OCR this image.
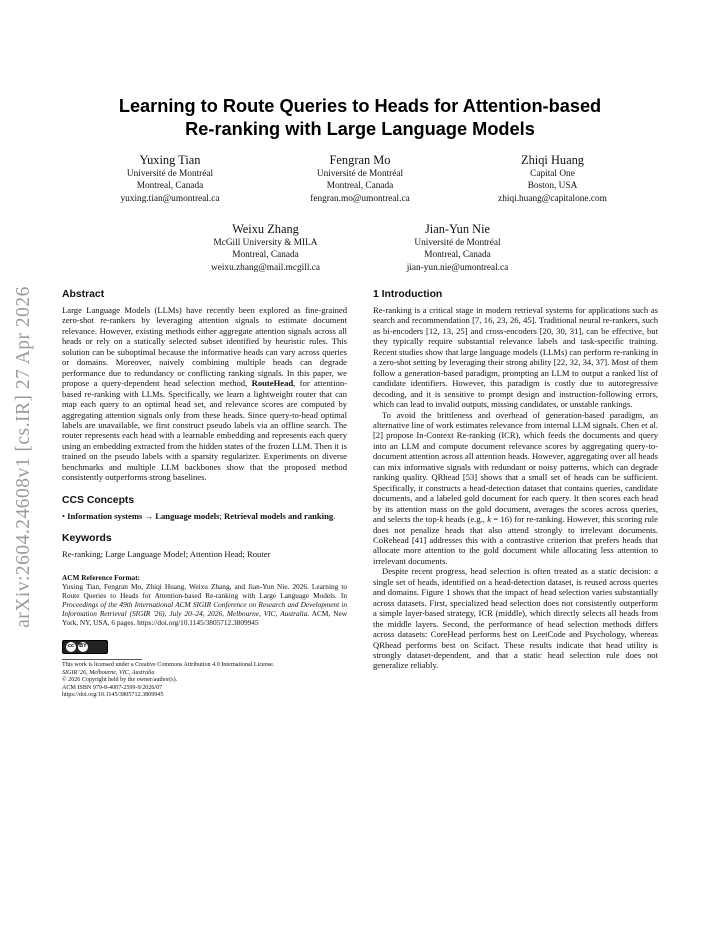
arXiv:2604.24608v1 [cs.IR] 27 Apr 2026
Learning to Route Queries to Heads for Attention-based
Re-ranking with Large Language Models
Yuxing Tian
Université de Montréal
Montreal, Canada
yuxing.tian@umontreal.ca
Fengran Mo
Université de Montréal
Montreal, Canada
fengran.mo@umontreal.ca
Zhiqi Huang
Capital One
Boston, USA
zhiqi.huang@capitalone.com
Weixu Zhang
McGill University & MILA
Montreal, Canada
weixu.zhang@mail.mcgill.ca
Jian-Yun Nie
Université de Montréal
Montreal, Canada
jian-yun.nie@umontreal.ca
Abstract

Large Language Models (LLMs) have recently been explored as fine-grained zero-shot re-rankers by leveraging attention signals to estimate document relevance. However, existing methods either aggregate attention signals across all heads or rely on a statically selected subset identified by heuristic rules. This solution can be suboptimal because the informative heads can vary across queries or domains. Moreover, naively combining multiple heads can degrade performance due to redundancy or conflicting ranking signals. In this paper, we propose a query-dependent head selection method, RouteHead, for attention-based re-ranking with LLMs. Specifically, we learn a lightweight router that can map each query to an optimal head set, and relevance scores are computed by aggregating attention signals only from these heads. Since query-to-head optimal labels are unavailable, we first construct pseudo labels via an offline search. The router represents each head with a learnable embedding and represents each query using an embedding extracted from the hidden states of the frozen LLM. Then it is trained on the pseudo labels with a sparsity regularizer. Experiments on diverse benchmarks and multiple LLM backbones show that the proposed method consistently outperforms strong baselines.

CCS Concepts

• Information systems → Language models; Retrieval models and ranking.

Keywords

Re-ranking; Large Language Model; Attention Head; Router

ACM Reference Format:

Yuxing Tian, Fengran Mo, Zhiqi Huang, Weixu Zhang, and Jian-Yun Nie. 2026. Learning to Route Queries to Heads for Attention-based Re-ranking with Large Language Models. In Proceedings of the 49th International ACM SIGIR Conference on Research and Development in Information Retrieval (SIGIR '26), July 20–24, 2026, Melbourne, VIC, Australia. ACM, New York, NY, USA, 6 pages. https://doi.org/10.1145/3805712.3809945

cc BY
This work is licensed under a Creative Commons Attribution 4.0 International License.
SIGIR '26, Melbourne, VIC, Australia
© 2026 Copyright held by the owner/author(s).
ACM ISBN 979-8-4007-2599-9/2026/07
https://doi.org/10.1145/3805712.3809945
1 Introduction

Re-ranking is a critical stage in modern retrieval systems for applications such as search and recommendation [7, 16, 23, 26, 45]. Traditional neural re-rankers, such as bi-encoders [12, 13, 25] and cross-encoders [20, 30, 31], can be effective, but they typically require substantial relevance labels and task-specific training. Recent studies show that large language models (LLMs) can perform re-ranking in a zero-shot setting by leveraging their strong ability [22, 32, 34, 37]. Most of them follow a generation-based paradigm, prompting an LLM to output a ranked list of candidate identifiers. However, this paradigm is costly due to autoregressive decoding, and it is sensitive to prompt design and instruction-following errors, which can lead to invalid outputs, missing candidates, or unstable rankings.

To avoid the brittleness and overhead of generation-based paradigm, an alternative line of work estimates relevance from internal LLM signals. Chen et al. [2] propose In-Context Re-ranking (ICR), which feeds the documents and query into an LLM and compute document relevance scores by aggregating query-to-document attention across all attention heads. However, aggregating over all heads can mix informative signals with redundant or noisy patterns, which can degrade ranking quality. QRhead [53] shows that a small set of heads can be sufficient. Specifically, it constructs a head-detection dataset that contains queries, candidate documents, and a labeled gold document for each query. It then scores each head by its attention mass on the gold document, averages the scores across queries, and selects the top-k heads (e.g., k = 16) for re-ranking. However, this scoring rule does not penalize heads that also attend strongly to irrelevant documents. CoRehead [41] addresses this with a contrastive criterion that prefers heads that allocate more attention to the gold document while allocating less attention to irrelevant documents.

Despite recent progress, head selection is often treated as a static decision: a single set of heads, identified on a head-detection dataset, is reused across queries and domains. Figure 1 shows that the impact of head selection varies substantially across datasets. First, specialized head selection does not consistently outperform a simple layer-based strategy, ICR (middle), which directly selects all heads from the middle layers. Second, the performance of head selection methods differs across datasets: CoreHead performs best on LeetCode and Psychology, whereas QRhead performs best on Scifact. These results indicate that head utility is strongly dataset-dependent, and that a static head selection rule does not generalize reliably.
